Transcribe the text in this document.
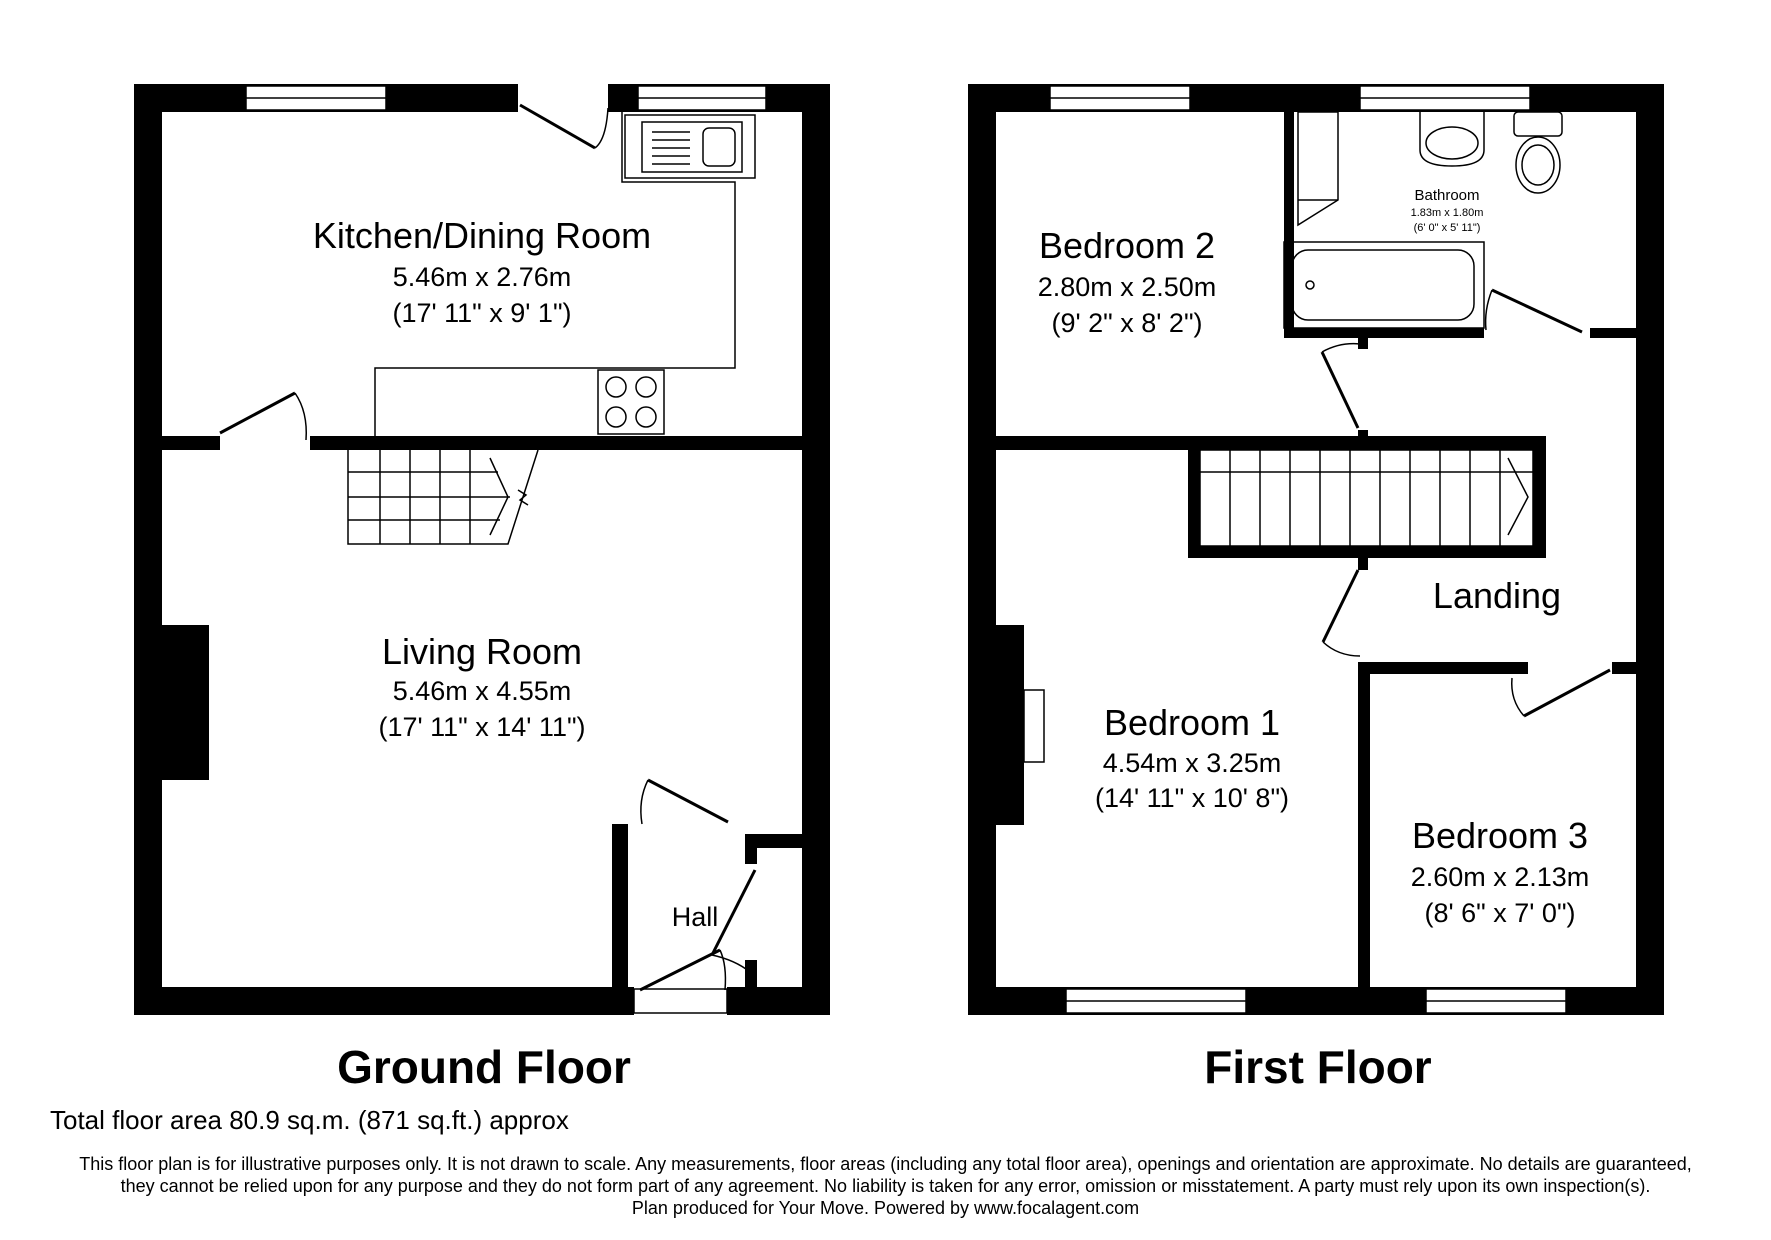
Kitchen/Dining Room
5.46m x 2.76m
(17' 11" x 9' 1")
Living Room
5.46m x 4.55m
(17' 11" x 14' 11")
Hall
Bedroom 2
2.80m x 2.50m
(9' 2" x 8' 2")
Bathroom
1.83m x 1.80m
(6' 0" x 5' 11")
Landing
Bedroom 1
4.54m x 3.25m
(14' 11" x 10' 8")
Bedroom 3
2.60m x 2.13m
(8' 6" x 7' 0")
Ground Floor	First Floor
Total floor area 80.9 sq.m. (871 sq.ft.) approx
This floor plan is for illustrative purposes only. It is not drawn to scale. Any measurements, floor areas (including any total floor area), openings and orientation are approximate. No details are guaranteed,
they cannot be relied upon for any purpose and they do not form part of any agreement. No liability is taken for any error, omission or misstatement. A party must rely upon its own inspection(s).
Plan produced for Your Move. Powered by www.focalagent.com
